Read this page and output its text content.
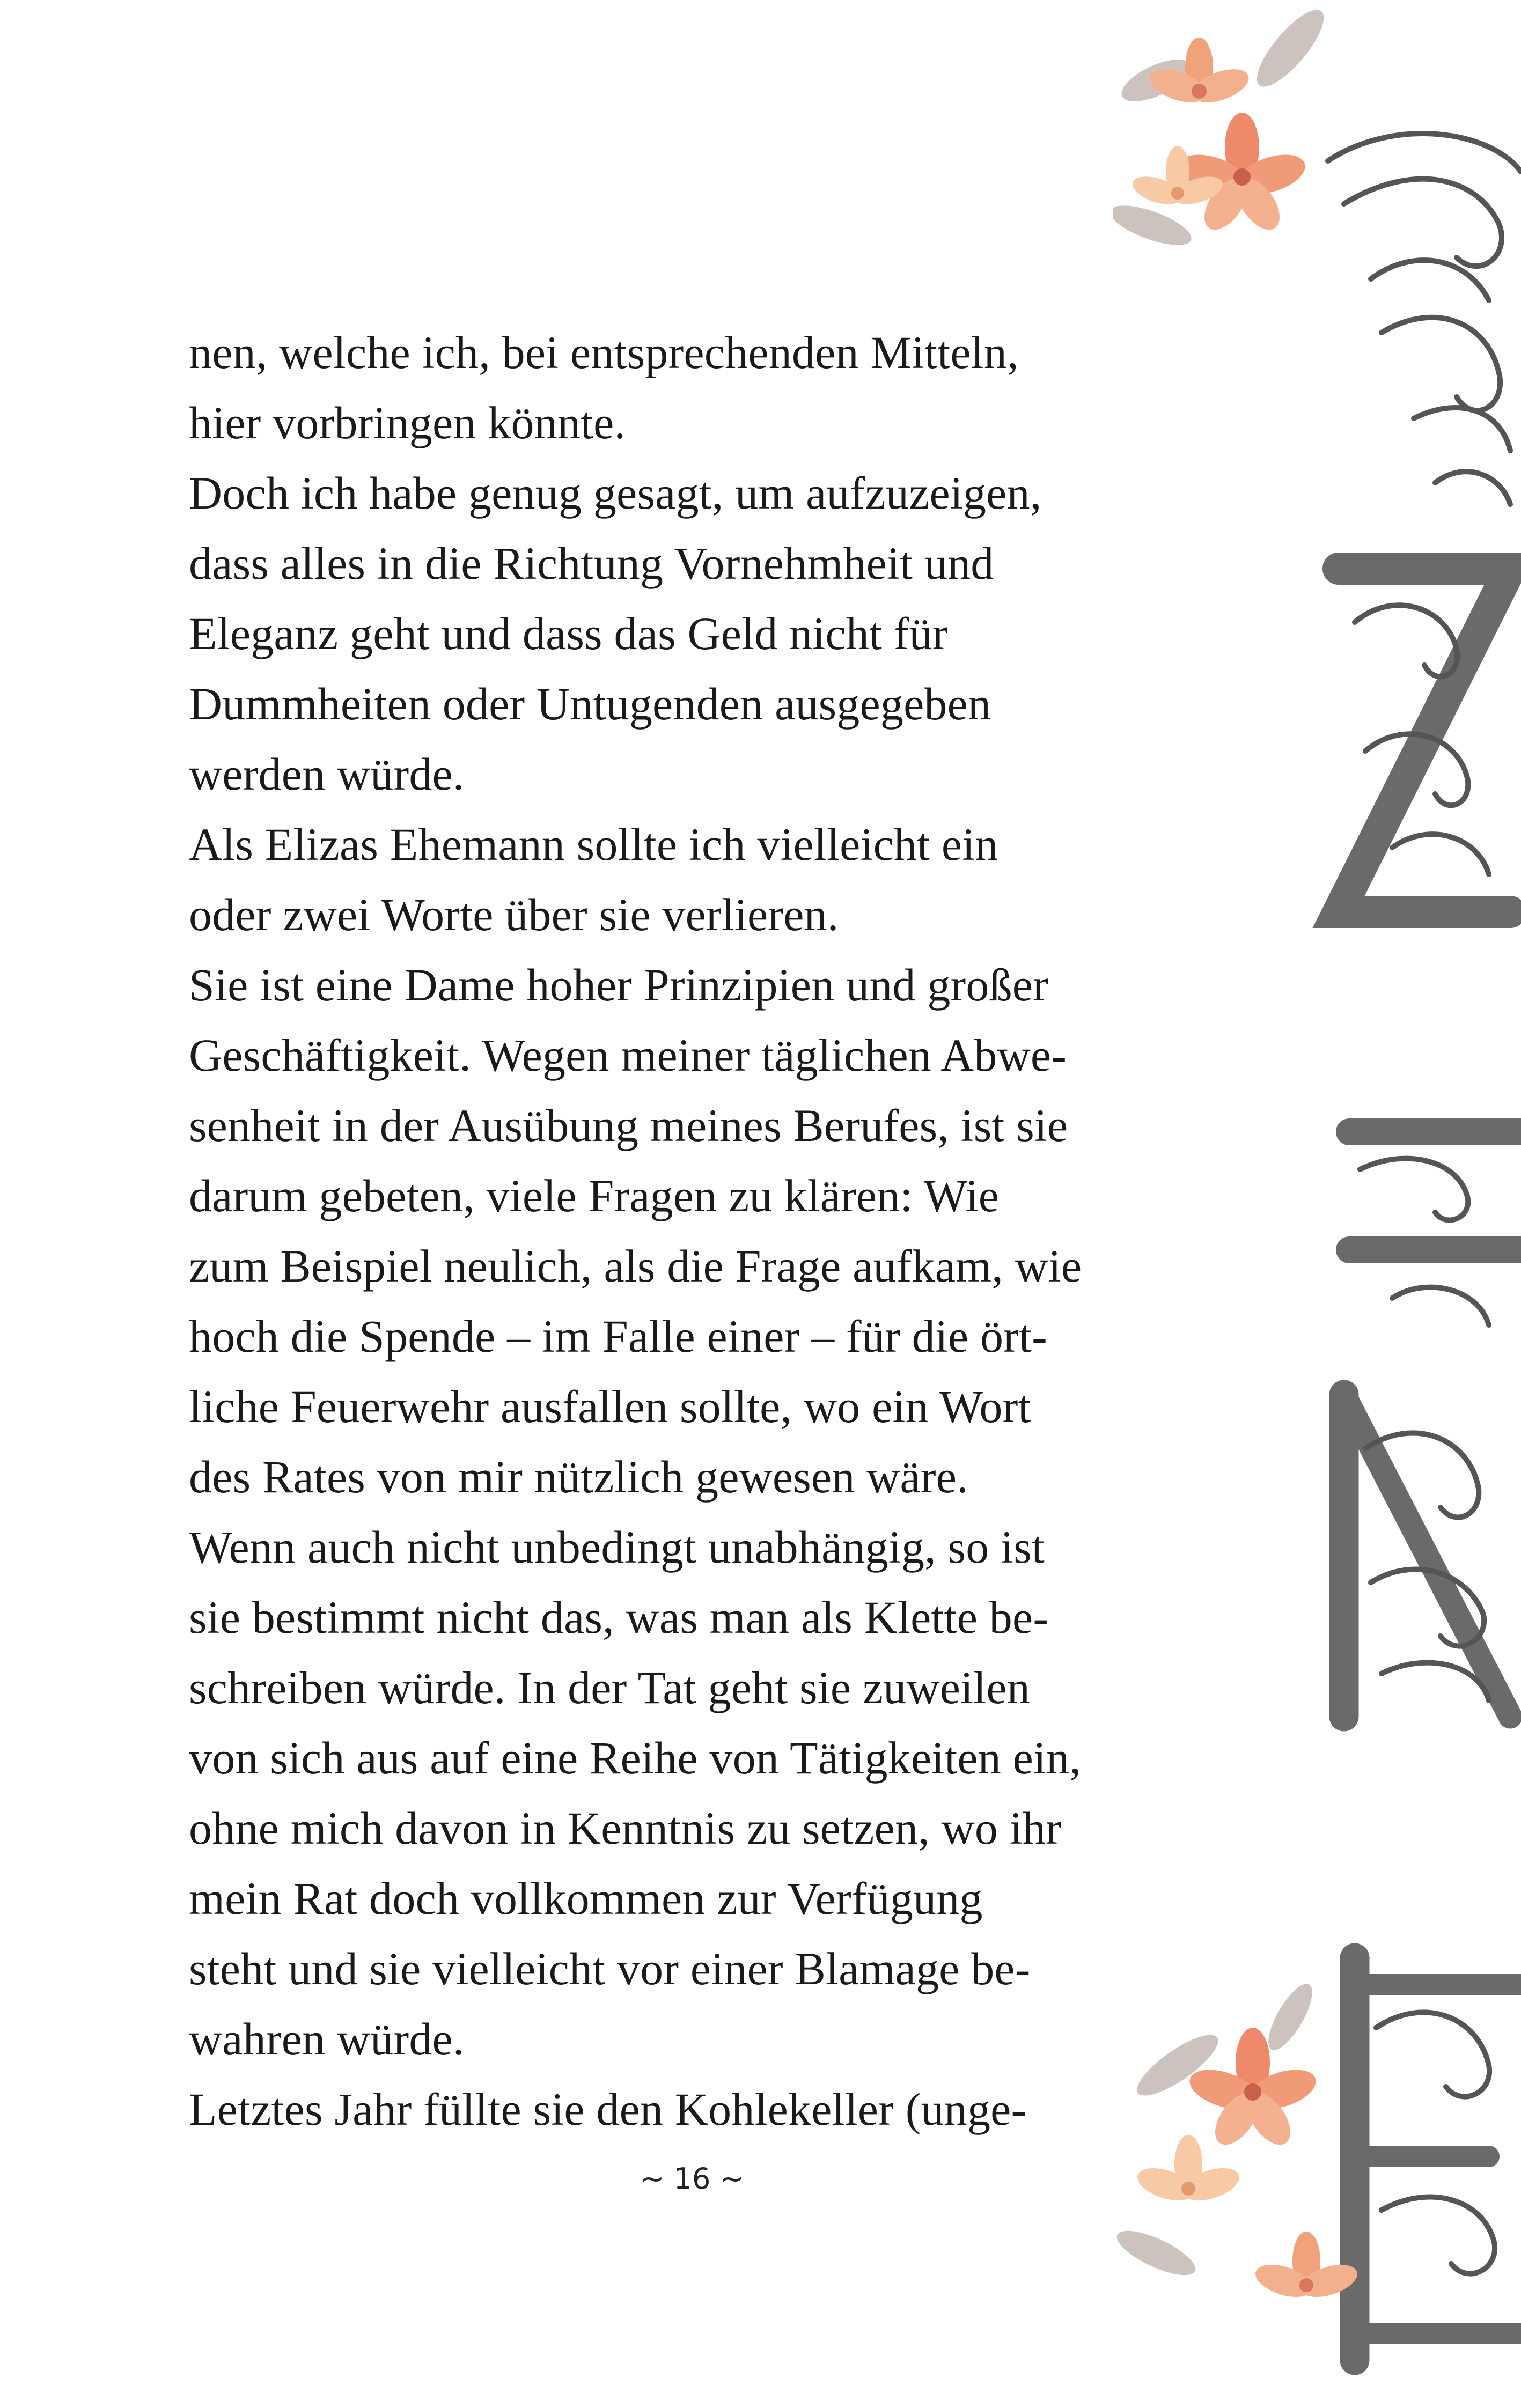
nen, welche ich, bei entsprechenden Mitteln,
hier vorbringen könnte.
Doch ich habe genug gesagt, um aufzuzeigen,
dass alles in die Richtung Vornehmheit und
Eleganz geht und dass das Geld nicht für
Dummheiten oder Untugenden ausgegeben
werden würde.
Als Elizas Ehemann sollte ich vielleicht ein
oder zwei Worte über sie verlieren.
Sie ist eine Dame hoher Prinzipien und großer
Geschäftigkeit. Wegen meiner täglichen Abwe-
senheit in der Ausübung meines Berufes, ist sie
darum gebeten, viele Fragen zu klären: Wie
zum Beispiel neulich, als die Frage aufkam, wie
hoch die Spende – im Falle einer – für die ört-
liche Feuerwehr ausfallen sollte, wo ein Wort
des Rates von mir nützlich gewesen wäre.
Wenn auch nicht unbedingt unabhängig, so ist
sie bestimmt nicht das, was man als Klette be-
schreiben würde. In der Tat geht sie zuweilen
von sich aus auf eine Reihe von Tätigkeiten ein,
ohne mich davon in Kenntnis zu setzen, wo ihr
mein Rat doch vollkommen zur Verfügung
steht und sie vielleicht vor einer Blamage be-
wahren würde.
Letztes Jahr füllte sie den Kohlekeller (unge-
~ 16 ~
